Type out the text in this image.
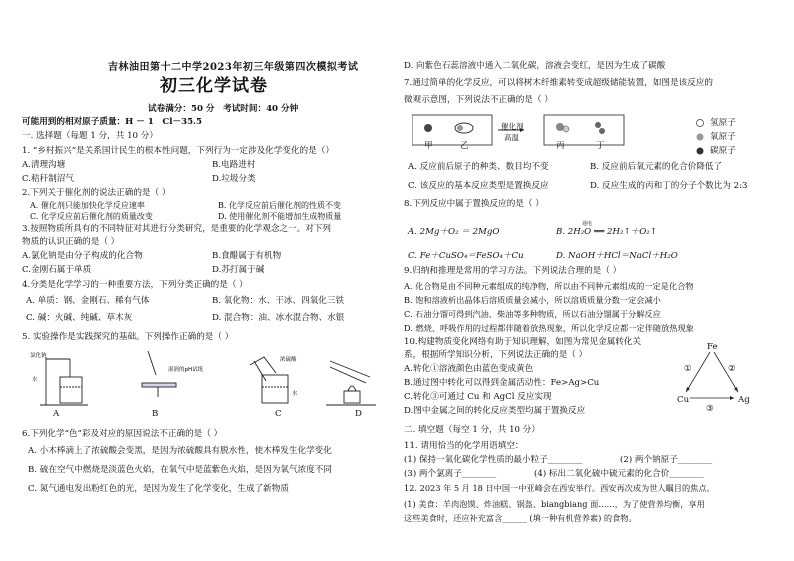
吉林油田第十二中学2023年初三年级第四次模拟考试
初三化学试卷
试卷满分：50 分　考试时间：40 分钟
可能用到的相对原子质量：H － 1　Cl－35.5
一. 选择题（每题 1 分，共 10 分）
1. “乡村振兴”是关系国计民生的根本性问题，下列行为一定涉及化学变化的是（）
A.清理沟塘	B.电路进村
C.秸秆制沼气	D.垃圾分类
2.下列关于催化剂的说法正确的是（ ）
A. 催化剂只能加快化学反应速率	B. 化学反应前后催化剂的性质不变
C. 化学反应前后催化剂的质量改变	D. 使用催化剂不能增加生成物质量
3.按照物质所具有的不同特征对其进行分类研究，是重要的化学观念之一。对下列
物质的认识正确的是（ ）
A.氯化钠是由分子构成的化合物	B.食醋属于有机物
C.金刚石属于单质	D.苏打属于碱
4.分类是化学学习的一种重要方法，下列分类正确的是（ ）
A. 单质：钢、金刚石、稀有气体	B. 氧化物：水、干冰、四氧化三铁
C. 碱：火碱、纯碱、草木灰	D. 混合物：油、冰水混合物、水银
5. 实验操作是实践探究的基础。下列操作正确的是（ ）
氯化钠
水
湿润的pH试纸
浓硫酸
水
A	B	C	D
6.下列化学“色”彩及对应的原因说法不正确的是（ ）
A. 小木棒滴上了浓硫酸会变黑，是因为浓硫酸具有脱水性，使木棒发生化学变化
B. 硫在空气中燃烧是淡蓝色火焰，在氧气中是蓝紫色火焰，是因为氧气浓度不同
C. 氮气通电发出粉红色的光，是因为发生了化学变化，生成了新物质
D. 向紫色石蕊溶液中通入二氧化碳，溶液会变红，是因为生成了碳酸
7.通过简单的化学反应，可以将树木纤维素转变成超级储能装置，如图是该反应的
微观示意图，下列说法不正确的是（ ）
甲	乙
催化剂
高温
丙	丁
氢原子
氧原子
碳原子
A. 反应前后原子的种类、数目均不变	B. 反应前后氧元素的化合价降低了
C. 该反应的基本反应类型是置换反应	D. 反应生成的丙和丁的分子个数比为 2:3
8.下列反应中属于置换反应的是（ ）
A. 2Mg＋O₂ ＝ 2MgO	B. 2H₂O ══ 2H₂↑＋O₂↑
通电
C. Fe＋CuSO₄＝FeSO₄＋Cu	D. NaOH＋HCl＝NaCl＋H₂O
9.归纳和推理是常用的学习方法。下列说法合理的是（ ）
A. 化合物是由不同种元素组成的纯净物，所以由不同种元素组成的一定是化合物
B. 饱和溶液析出晶体后溶质质量会减小，所以溶质质量分数一定会减小
C. 石油分馏可得到汽油、柴油等多种物质，所以石油分馏属于分解反应
D. 燃烧、呼吸作用的过程都伴随着放热现象，所以化学反应都一定伴随放热现象
10.构建物质变化网络有助于知识理解，如图为常见金属转化关
系，根据所学知识分析，下列说法正确的是（ ）
A.转化①溶液颜色由蓝色变成黄色
B.通过图中转化可以得到金属活动性：Fe>Ag>Cu
C.转化③可通过 Cu 和 AgCl 反应实现
D.图中金属之间的转化反应类型均属于置换反应
Fe
Cu	Ag
①	②
③
二. 填空题（每空 1 分，共 10 分）
11. 请用恰当的化学用语填空：
(1) 保持一氧化碳化学性质的最小粒子________	(2) 两个钠原子________
(3) 两个氯离子________	(4) 标出二氧化硫中硫元素的化合价________
12. 2023 年 5 月 18 日中国一中亚峰会在西安举行。西安再次成为世人瞩目的焦点。
(1) 美食：羊肉泡馍、炸油糕、锅盔、biangbiang 面……，为了使营养均衡，享用
这些美食时，还应补充富含______ (填一种有机营养素) 的食物。
